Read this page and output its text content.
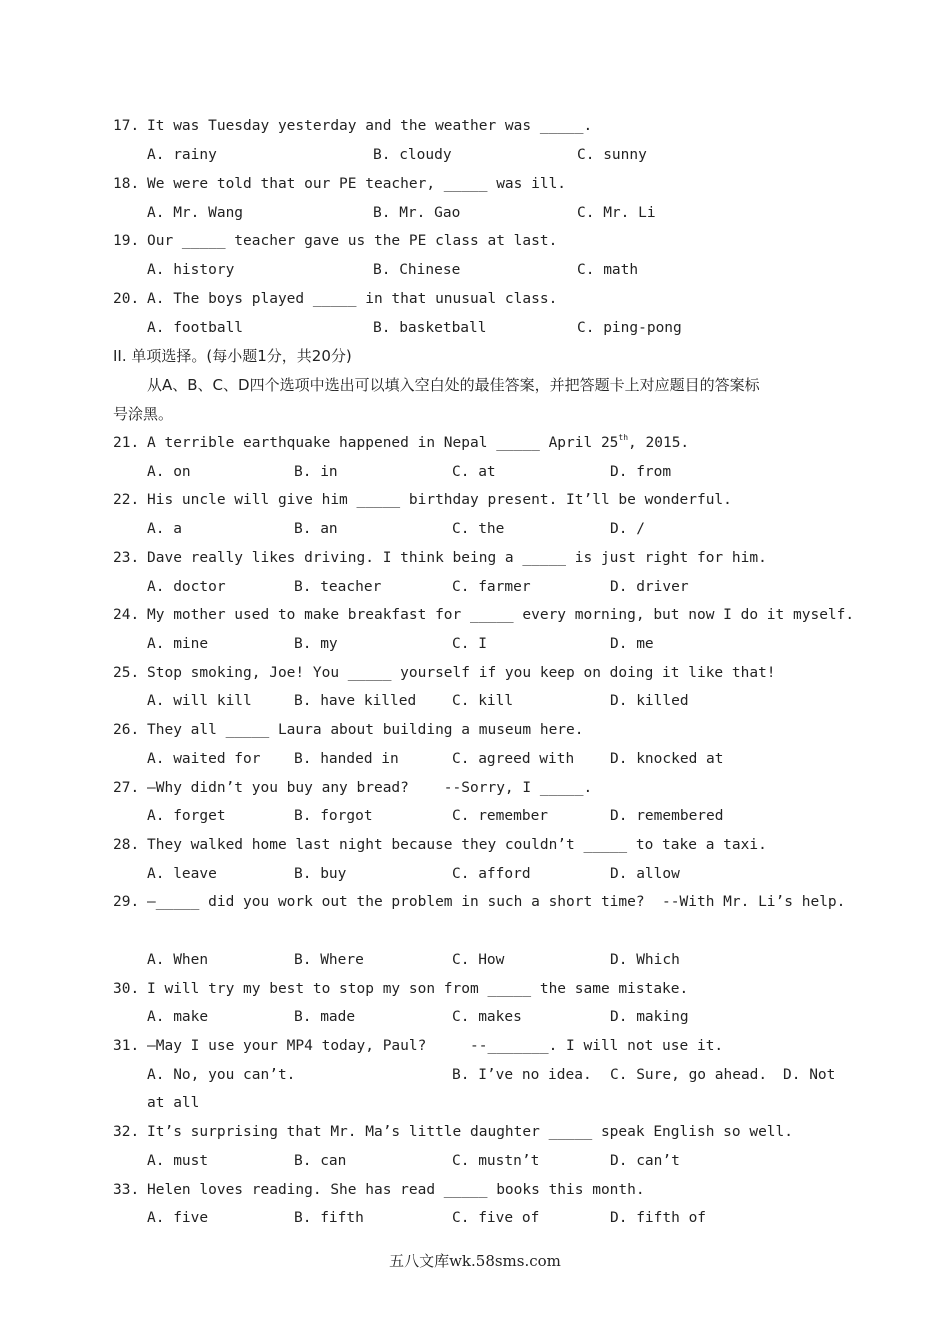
17. It was Tuesday yesterday and the weather was _____.
A. rainy	B. cloudy	C. sunny
18. We were told that our PE teacher, _____ was ill.
A. Mr. Wang	B. Mr. Gao	C. Mr. Li
19. Our _____ teacher gave us the PE class at last.
A. history	B. Chinese	C. math
20. A. The boys played _____ in that unusual class.
A. football	B. basketball	C. ping-pong
II. 单项选择。(每小题1分，共20分)
从A、B、C、D四个选项中选出可以填入空白处的最佳答案，并把答题卡上对应题目的答案标
号涂黑。
21. A terrible earthquake happened in Nepal _____ April 25th, 2015.
A. on	B. in	C. at	D. from
22. His uncle will give him _____ birthday present. It’ll be wonderful.
A. a	B. an	C. the	D. /
23. Dave really likes driving. I think being a _____ is just right for him.
A. doctor	B. teacher	C. farmer	D. driver
24. My mother used to make breakfast for _____ every morning, but now I do it myself.
A. mine	B. my	C. I	D. me
25. Stop smoking, Joe! You _____ yourself if you keep on doing it like that!
A. will kill	B. have killed C. kill	D. killed
26. They all _____ Laura about building a museum here.
A. waited for B. handed in	C. agreed with D. knocked at
27. –Why didn’t you buy any bread?    --Sorry, I _____.
A. forget	B. forgot	C. remember	D. remembered
28. They walked home last night because they couldn’t _____ to take a taxi.
A. leave	B. buy	C. afford	D. allow
29. –_____ did you work out the problem in such a short time?  --With Mr. Li’s help.
A. When	B. Where	C. How	D. Which
30. I will try my best to stop my son from _____ the same mistake.
A. make	B. made	C. makes	D. making
31. –May I use your MP4 today, Paul?     --_______. I will not use it.
A. No, you can’t.	B. I’ve no idea. C. Sure, go ahead. D. Not
at all
32. It’s surprising that Mr. Ma’s little daughter _____ speak English so well.
A. must	B. can	C. mustn’t	D. can’t
33. Helen loves reading. She has read _____ books this month.
A. five	B. fifth	C. five of	D. fifth of
五八文库wk.58sms.com
